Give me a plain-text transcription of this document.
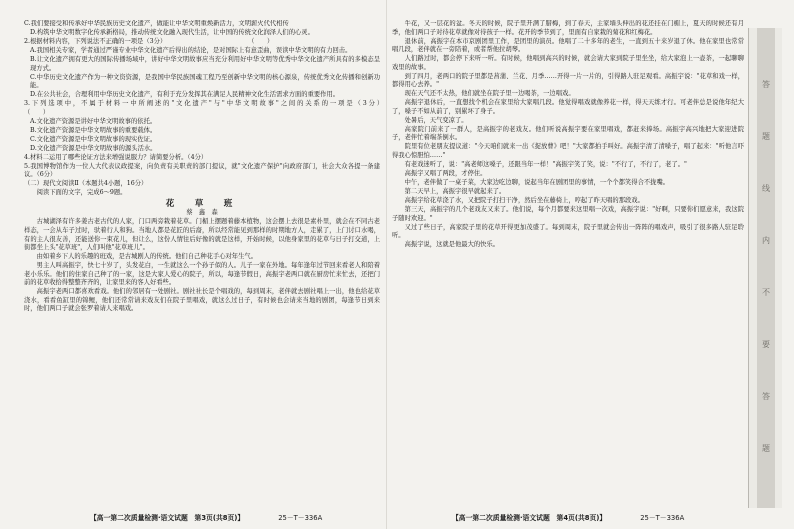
C.我们要接受和传承好中华民族历史文化遗产，做能让中华文明重焕新活力，文明薪火代代相传

D.构筑中华文明数字化传承新格局，推动传统文化融入现代生活，让中国的传统文化润泽人们的心灵。

2.根据材料内容，下列说法不正确的一项是（3分）　　　　　　　　　　　　　　（　　）

A.我国相关专家，学者通过严谨专业中华文化遗产后得出的结论，是对国际上有意歪曲，误读中华文明的有力回击。

B.让文化遗产拥有更大的国际传播场域中，讲好中华文明故事应当充分利用好中华文明等优秀中华文化遗产所具有的多模态呈现方式。

C.中华历史文化遗产作为一种文资资源，是我国中华民族国魂工程乃至创新中华文明的核心源泉，传统优秀文化传播和创新功能。

D.在公共社会，合理利用中华历史文化遗产，有利于充分发挥其在满足人民精神文化生活需求方面的重要作用。

3.下列选项中，不属于材料一中所阐述的"文化遗产"与"中华文明故事"之间的关系的一项是（3分）　　　　　　　　　　　　　　　　　　　　　　　　　　　　　　（　　）

A.文化遗产资源是讲好中华文明故事的依托。

B.文化遗产资源是中华文明故事的重要载体。

C.文化遗产资源是中华文明故事的现实佐证。

D.文化遗产资源是中华文明故事的源头活水。

4.材料二运用了哪些论证方法来增强说服力？请简要分析。（4分）

5.我国博物馆作为一位人大代表议政提案，向负责有关职责的部门提议，就"文化遗产保护"向政府部门，社会大众各提一条建议。（6分）

（二）现代文阅读Ⅱ（本题共4小题，16分）

阅读下面的文字，完成6～9题。

花　草　班
蔡　鑫　森

古城湖泽有许多姜古老古代的人家，门口两旁栽着花草。门楣上摆题着藤本植物，这会摆上去很是素朴里，就会在不同古老样态，一会从车子过时，驮着行人和狗。当地人都是花匠的后裔，所以经常能见到那样的时期地方人，走累了，上门讨口水喝，有的主人很友善，还能送你一束花儿，但让么，这份人情往后好像的就是这样，开始时候，以他身家里的花草与日子打交道，上街都坐上头"花草班"，人们叫他"花草班儿"。

由如着乡下人的乐趣的班戏，是古城剧人的传统。他们自己种花手心对年生气。

男主人叫高振宇，快七十岁了，头发花白，一生就这么一个孙子似的人。儿子一家在外地。每年逢年过节回来看老人和陪着老小乐乐。他们的住家自己种了的一家，这是大家人爱心的院子，所以，每逢节假日，高振宇老两口就在厨房忙来忙去，还把门前的花草收拾得整整齐齐的，让家里来的客人好看些。

高振宇老两口都喜欢看戏。他们的邻居有一处剧社。剧社社长是个唱戏的，每到周末，老伴就去剧社唱上一出，他也给花草浇水，看看鱼缸里的锦鲤，他们还常常请来戏友们在院子里唱戏，就这么过日子，有时候也会请来当地的剧团，每逢节日到来时，他们两口子就会张罗着请人来唱戏。

牛花，又一层花的盆。冬天的时候，院子里开满了腊梅，到了春天，主家墙头伸出的花还挂在门楣上，夏天的时候还有月季，他们两口子对待花草就像对待孩子一样。花开的季节到了，里面有自家栽的菊花和红梅花。

退休前，高振宇在本市京剧团里工作，是团里的演员。他唱了二十多年的老生，一直到五十来岁退了休。他在家里也常常唱几段，老伴就在一旁陪着，或者帮他拉胡琴。

人们路过时，都会停下来听一听。有时候，他唱到高兴的时候，就会请大家到院子里坐坐，给大家泡上一壶茶，一起聊聊戏里的故事。

到了四月，老两口的院子里都是菖蒲、兰花、月季……开得一片一片的，引得路人驻足观看。高振宇说："花草和戏一样，都得用心去养。"

现在天气还不太热，他们就坐在院子里一边喝茶，一边唱戏。

高振宇退休后，一直想找个机会在家里给大家唱几段。他觉得唱戏就像养花一样，得天天练才行。可老伴总是说他年纪大了，嗓子不如从前了，别累坏了身子。

处暑后，天气变凉了。

高家院门前来了一群人，是高振宇的老戏友。他们听说高振宇要在家里唱戏，都赶来捧场。高振宇高兴地把大家迎进院子，老伴忙着端茶倒水。

院里有位老朋友提议道："今天咱们就来一出《捉放曹》吧！"大家都拍手叫好。高振宇清了清嗓子，唱了起来："听他言吓得我心惊胆怕……"

有老戏迷听了，说："高老师这嗓子，还跟当年一样！"高振宇笑了笑，说："不行了，不行了，老了。"

高振宇又唱了两段，才停住。

中午，老伴做了一桌子菜，大家边吃边聊，说起当年在剧团里的事情，一个个都笑得合不拢嘴。

第二天早上，高振宇很早就起来了。

高振宇给花草浇了水，又把院子打扫干净，然后坐在藤椅上，哼起了昨天唱的那段戏。

第三天，高振宇的几个老戏友又来了。他们说，每个月都要来这里唱一次戏，高振宇说："好啊，只要你们愿意来，我这院子随时欢迎。"

又过了些日子，高家院子里的花草开得更加茂盛了。每到周末，院子里就会传出一阵阵的唱戏声，吸引了很多路人驻足聆听。

高振宇说，这就是他最大的快乐。

【高一第二次质量检测·语文试题　第3页(共8页)】	25－T－336A	【高一第二次质量检测·语文试题　第4页(共8页)】	25－T－336A
答
题
线
内
不
要
答
题
